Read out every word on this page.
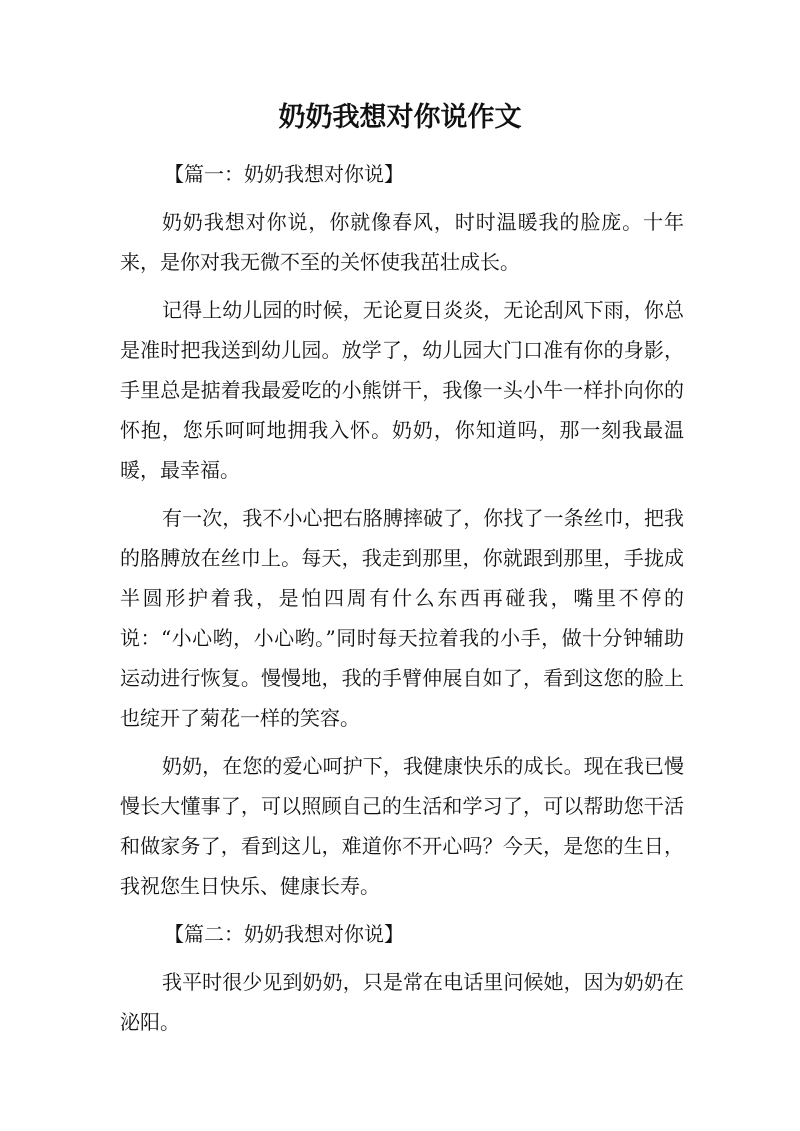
奶奶我想对你说作文

【篇一：奶奶我想对你说】

奶奶我想对你说，你就像春风，时时温暖我的脸庞。十年来，是你对我无微不至的关怀使我茁壮成长。

记得上幼儿园的时候，无论夏日炎炎，无论刮风下雨，你总是准时把我送到幼儿园。放学了，幼儿园大门口准有你的身影，手里总是掂着我最爱吃的小熊饼干，我像一头小牛一样扑向你的怀抱，您乐呵呵地拥我入怀。奶奶，你知道吗，那一刻我最温暖，最幸福。

有一次，我不小心把右胳膊摔破了，你找了一条丝巾，把我的胳膊放在丝巾上。每天，我走到那里，你就跟到那里，手拢成半圆形护着我，是怕四周有什么东西再碰我，嘴里不停的说：“小心哟，小心哟。”同时每天拉着我的小手，做十分钟辅助运动进行恢复。慢慢地，我的手臂伸展自如了，看到这您的脸上也绽开了菊花一样的笑容。

奶奶，在您的爱心呵护下，我健康快乐的成长。现在我已慢慢长大懂事了，可以照顾自己的生活和学习了，可以帮助您干活和做家务了，看到这儿，难道你不开心吗？今天，是您的生日，我祝您生日快乐、健康长寿。

【篇二：奶奶我想对你说】

我平时很少见到奶奶，只是常在电话里问候她，因为奶奶在泌阳。
